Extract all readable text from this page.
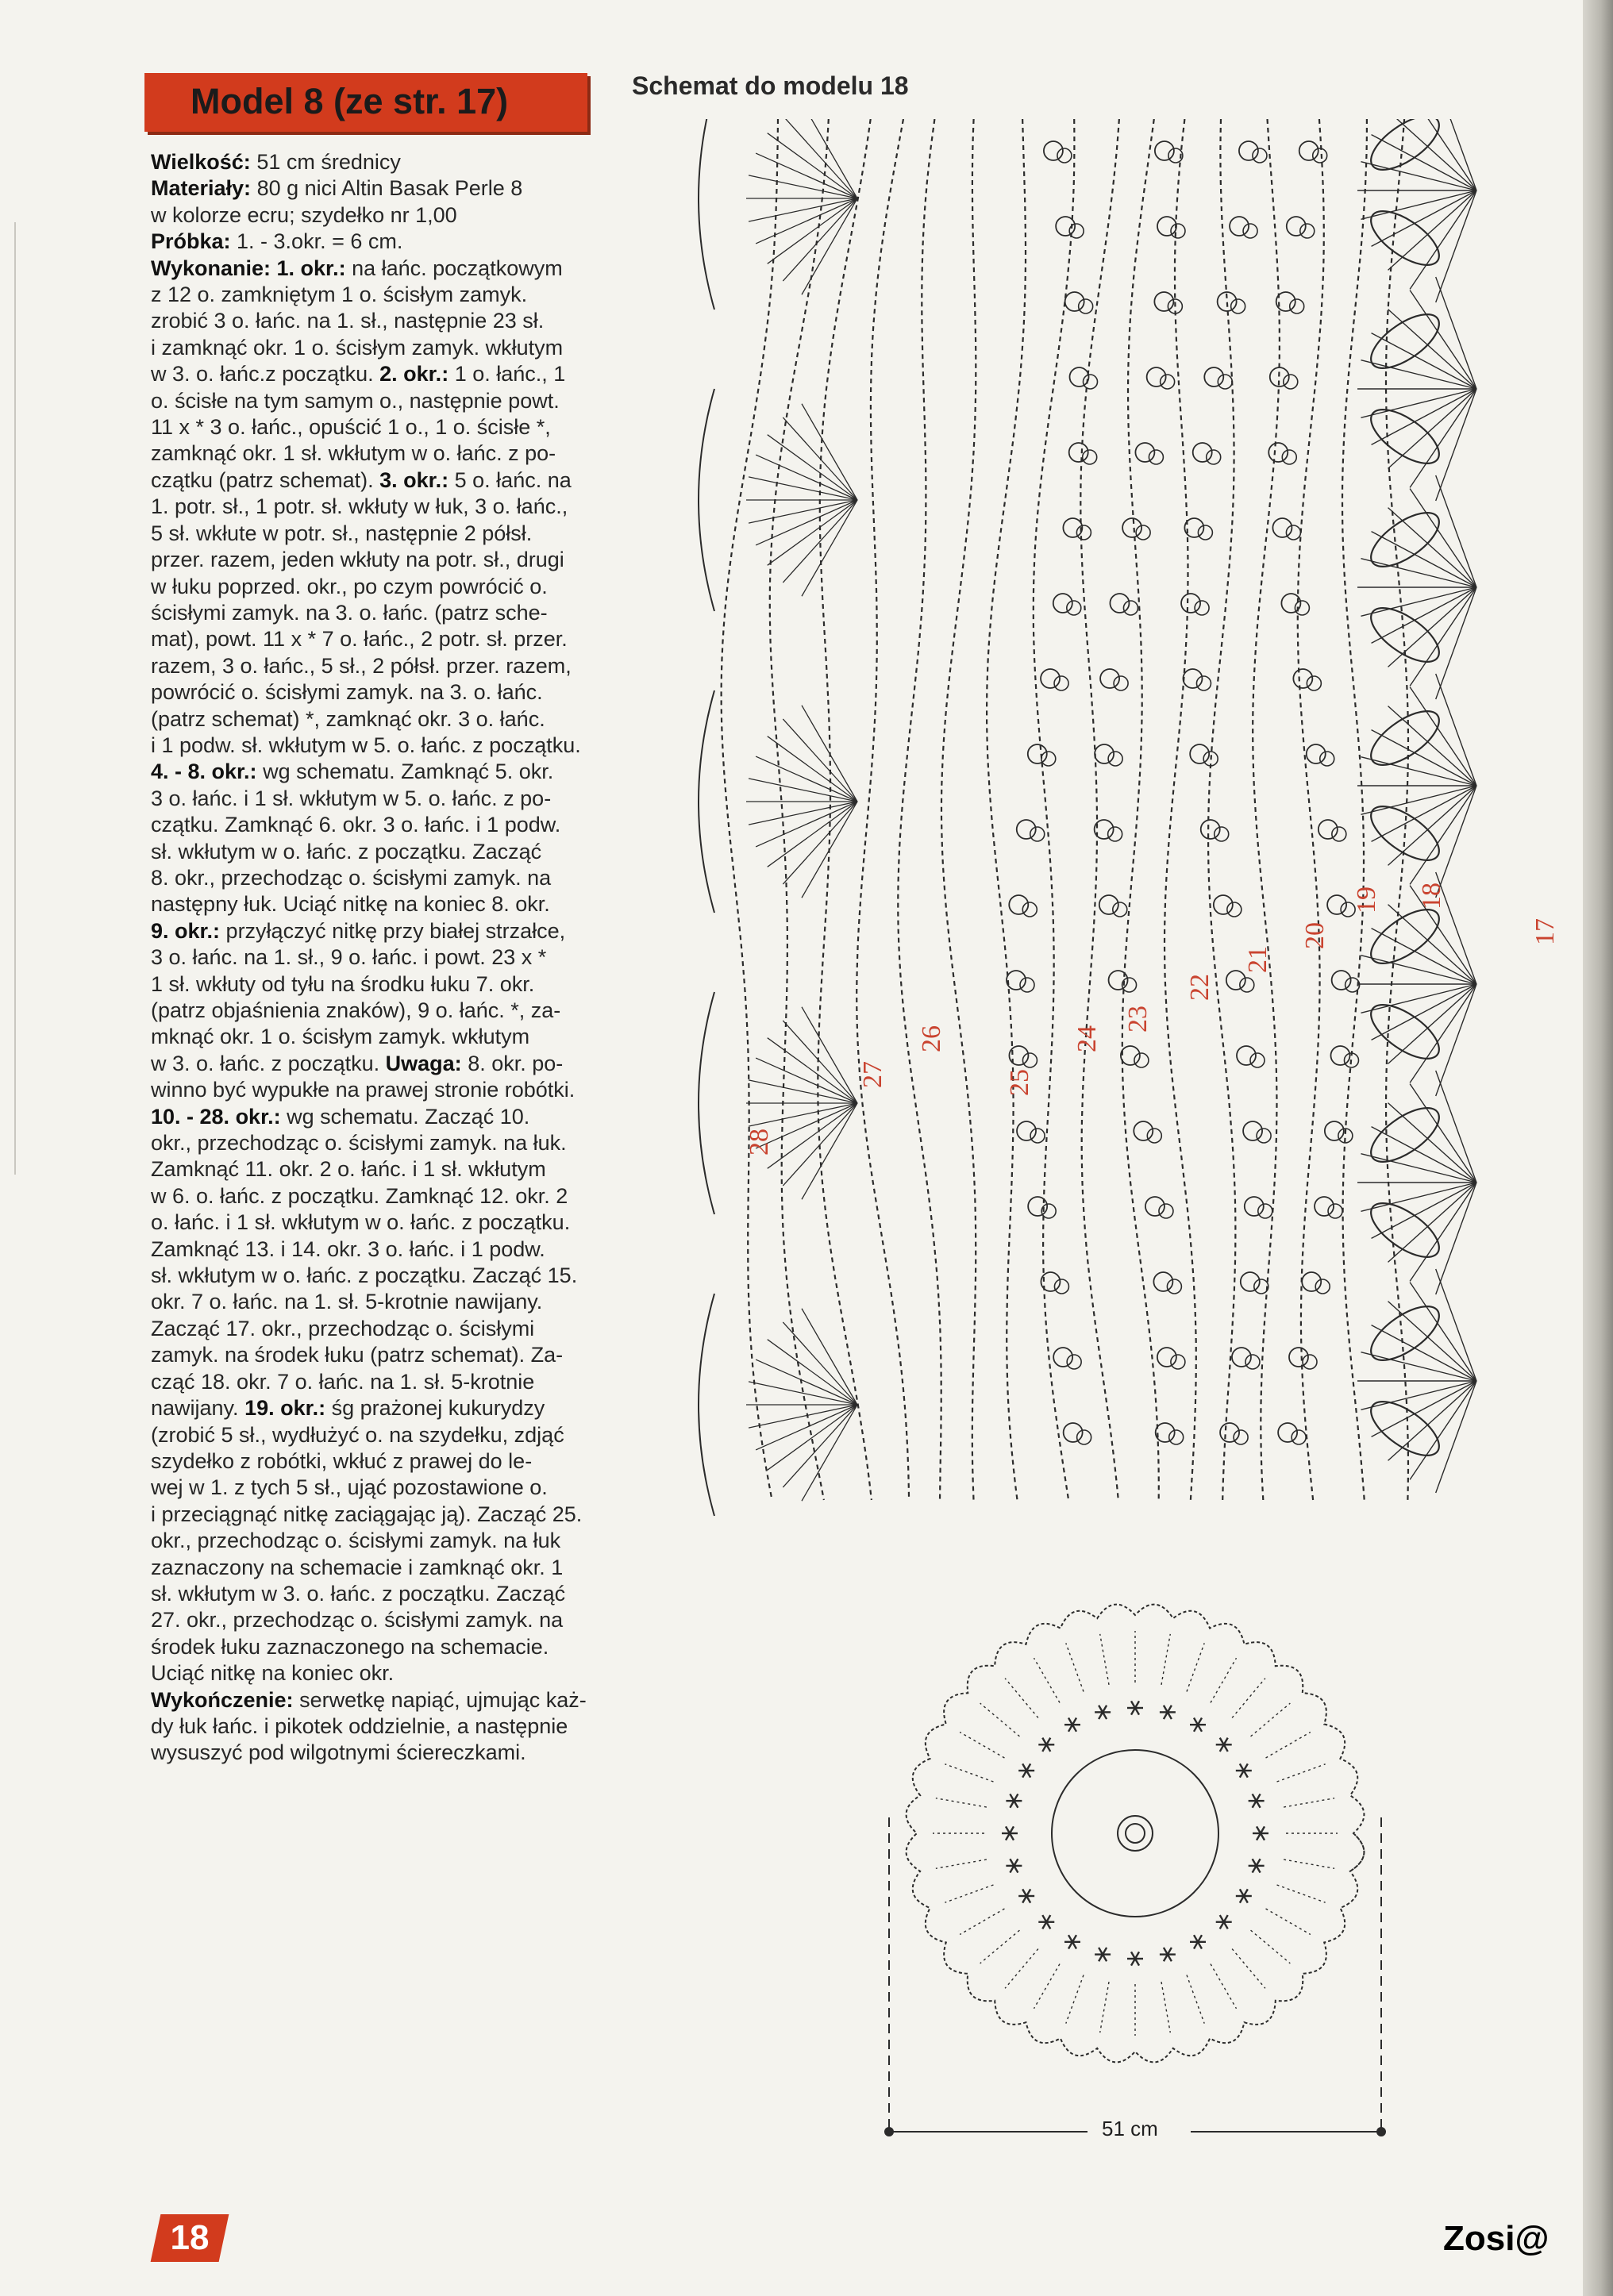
Model 8 (ze str. 17)	Schemat do modelu 18

Wielkość: 51 cm średnicy

Materiały: 80 g nici Altin Basak Perle 8

w kolorze ecru; szydełko nr 1,00

Próbka: 1. - 3.okr. = 6 cm.

Wykonanie: 1. okr.: na łańc. początkowym

z 12 o. zamkniętym 1 o. ścisłym zamyk.

zrobić 3 o. łańc. na 1. sł., następnie 23 sł.

i zamknąć okr. 1 o. ścisłym zamyk. wkłutym

w 3. o. łańc.z początku. 2. okr.: 1 o. łańc., 1

o. ścisłe na tym samym o., następnie powt.

11 x * 3 o. łańc., opuścić 1 o., 1 o. ścisłe *,

zamknąć okr. 1 sł. wkłutym w o. łańc. z po-

czątku (patrz schemat). 3. okr.: 5 o. łańc. na

1. potr. sł., 1 potr. sł. wkłuty w łuk, 3 o. łańc.,

5 sł. wkłute w potr. sł., następnie 2 półsł.

przer. razem, jeden wkłuty na potr. sł., drugi

w łuku poprzed. okr., po czym powrócić o.

ścisłymi zamyk. na 3. o. łańc. (patrz sche-

mat), powt. 11 x * 7 o. łańc., 2 potr. sł. przer.

razem, 3 o. łańc., 5 sł., 2 półsł. przer. razem,

powrócić o. ścisłymi zamyk. na 3. o. łańc.

(patrz schemat) *, zamknąć okr. 3 o. łańc.

i 1 podw. sł. wkłutym w 5. o. łańc. z początku.

4. - 8. okr.: wg schematu. Zamknąć 5. okr.

3 o. łańc. i 1 sł. wkłutym w 5. o. łańc. z po-

czątku. Zamknąć 6. okr. 3 o. łańc. i 1 podw.

sł. wkłutym w o. łańc. z początku. Zacząć

8. okr., przechodząc o. ścisłymi zamyk. na

następny łuk. Uciąć nitkę na koniec 8. okr.

9. okr.: przyłączyć nitkę przy białej strzałce,

3 o. łańc. na 1. sł., 9 o. łańc. i powt. 23 x *

1 sł. wkłuty od tyłu na środku łuku 7. okr.

(patrz objaśnienia znaków), 9 o. łańc. *, za-

mknąć okr. 1 o. ścisłym zamyk. wkłutym

w 3. o. łańc. z początku. Uwaga: 8. okr. po-

winno być wypukłe na prawej stronie robótki.

10. - 28. okr.: wg schematu. Zacząć 10.

okr., przechodząc o. ścisłymi zamyk. na łuk.

Zamknąć 11. okr. 2 o. łańc. i 1 sł. wkłutym

w 6. o. łańc. z początku. Zamknąć 12. okr. 2

o. łańc. i 1 sł. wkłutym w o. łańc. z początku.

Zamknąć 13. i 14. okr. 3 o. łańc. i 1 podw.

sł. wkłutym w o. łańc. z początku. Zacząć 15.

okr. 7 o. łańc. na 1. sł. 5-krotnie nawijany.

Zacząć 17. okr., przechodząc o. ścisłymi

zamyk. na środek łuku (patrz schemat). Za-

cząć 18. okr. 7 o. łańc. na 1. sł. 5-krotnie

nawijany. 19. okr.: śg prażonej kukurydzy

(zrobić 5 sł., wydłużyć o. na szydełku, zdjąć

szydełko z robótki, wkłuć z prawej do le-

wej w 1. z tych 5 sł., ująć pozostawione o.

i przeciągnąć nitkę zaciągając ją). Zacząć 25.

okr., przechodząc o. ścisłymi zamyk. na łuk

zaznaczony na schemacie i zamknąć okr. 1

sł. wkłutym w 3. o. łańc. z początku. Zacząć

27. okr., przechodząc o. ścisłymi zamyk. na

środek łuku zaznaczonego na schemacie.

Uciąć nitkę na koniec okr.

Wykończenie: serwetkę napiąć, ujmując każ-

dy łuk łańc. i pikotek oddzielnie, a następnie

wysuszyć pod wilgotnymi ściereczkami.

17
18
19
20
21
22
23
24
25
26
27
28
51 cm
18	Zosi@
